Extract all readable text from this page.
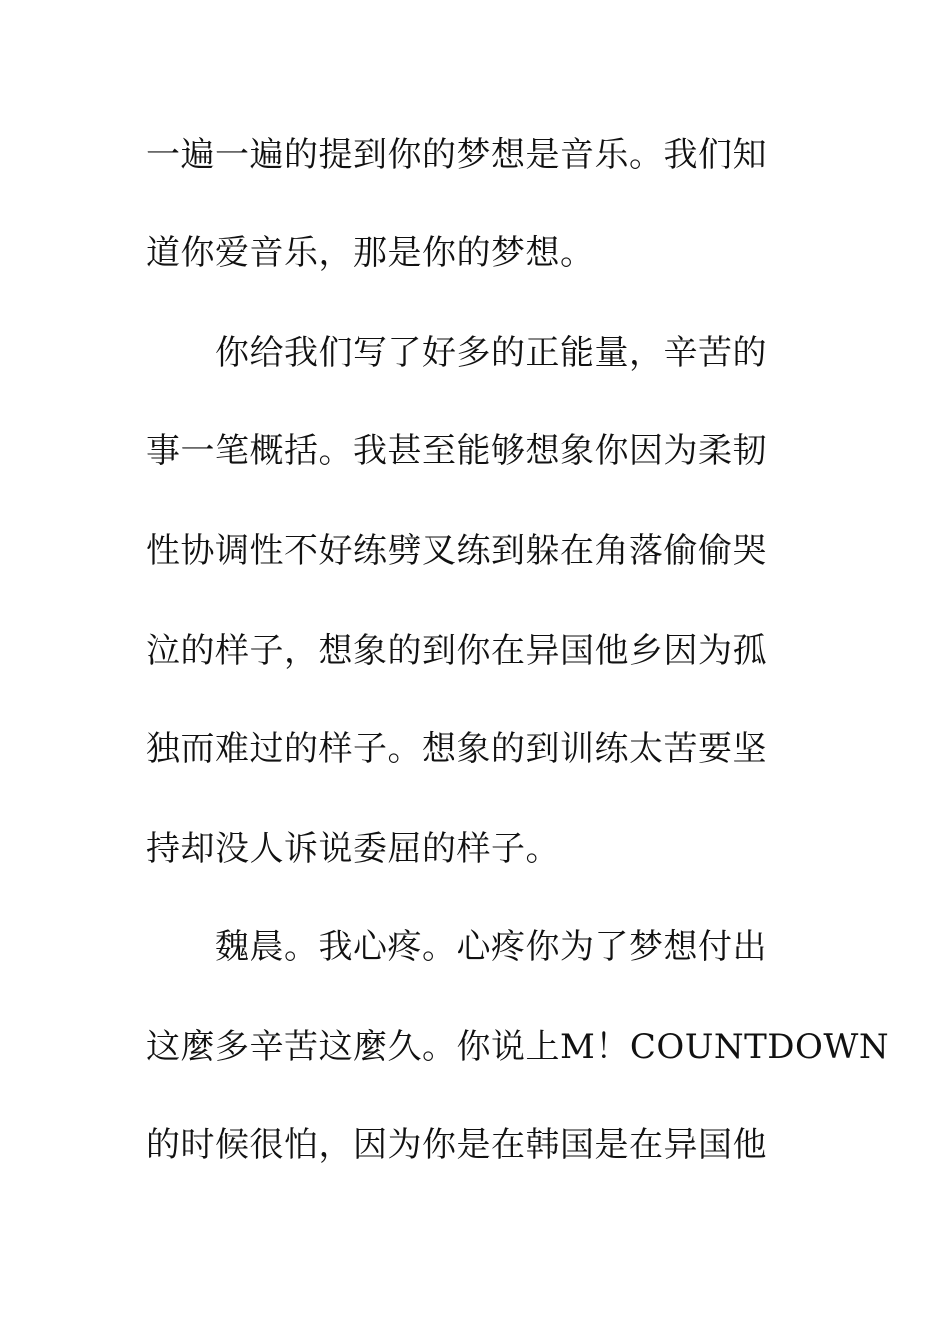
一遍一遍的提到你的梦想是音乐。我们知
道你爱音乐，那是你的梦想。
你给我们写了好多的正能量，辛苦的
事一笔概括。我甚至能够想象你因为柔韧
性协调性不好练劈叉练到躲在角落偷偷哭
泣的样子，想象的到你在异国他乡因为孤
独而难过的样子。想象的到训练太苦要坚
持却没人诉说委屈的样子。
魏晨。我心疼。心疼你为了梦想付出
这麼多辛苦这麼久。你说上M！COUNTDOWN
的时候很怕，因为你是在韩国是在异国他
